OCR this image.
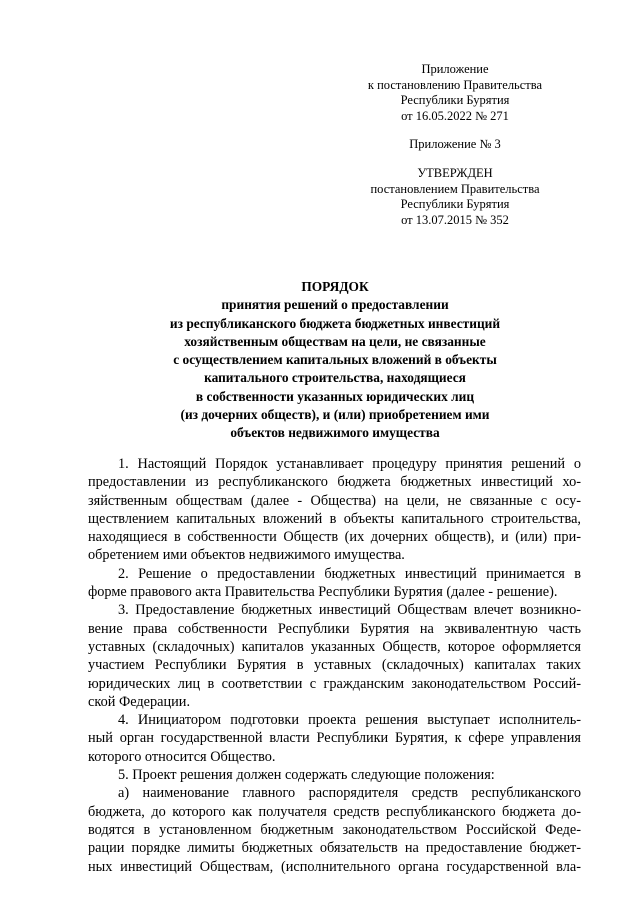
Приложение

к постановлению Правительства

Республики Бурятия

от 16.05.2022 № 271

Приложение № 3

УТВЕРЖДЕН

постановлением Правительства

Республики Бурятия

от 13.07.2015 № 352

ПОРЯДОК

принятия решений о предоставлении

из республиканского бюджета бюджетных инвестиций

хозяйственным обществам на цели, не связанные

с осуществлением капитальных вложений в объекты

капитального строительства, находящиеся

в собственности указанных юридических лиц

(из дочерних обществ), и (или) приобретением ими

объектов недвижимого имущества

1. Настоящий Порядок устанавливает процедуру принятия решений о
предоставлении из республиканского бюджета бюджетных инвестиций хо-
зяйственным обществам (далее - Общества) на цели, не связанные с осу-
ществлением капитальных вложений в объекты капитального строительства,
находящиеся в собственности Обществ (их дочерних обществ), и (или) при-
обретением ими объектов недвижимого имущества.
2. Решение о предоставлении бюджетных инвестиций принимается в
форме правового акта Правительства Республики Бурятия (далее - решение).
3. Предоставление бюджетных инвестиций Обществам влечет возникно-
вение права собственности Республики Бурятия на эквивалентную часть
уставных (складочных) капиталов указанных Обществ, которое оформляется
участием Республики Бурятия в уставных (складочных) капиталах таких
юридических лиц в соответствии с гражданским законодательством Россий-
ской Федерации.
4. Инициатором подготовки проекта решения выступает исполнитель-
ный орган государственной власти Республики Бурятия, к сфере управления
которого относится Общество.
5. Проект решения должен содержать следующие положения:
а) наименование главного распорядителя средств республиканского
бюджета, до которого как получателя средств республиканского бюджета до-
водятся в установленном бюджетным законодательством Российской Феде-
рации порядке лимиты бюджетных обязательств на предоставление бюджет-
ных инвестиций Обществам, (исполнительного органа государственной вла-
